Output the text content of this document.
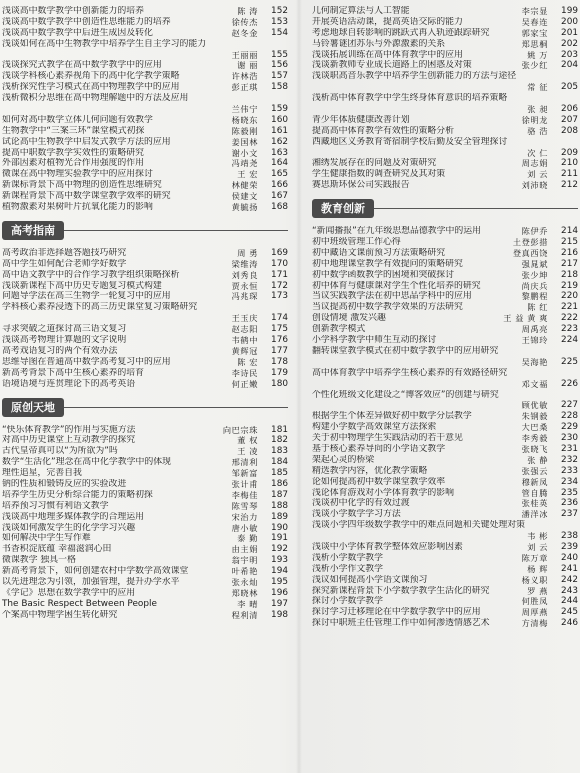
浅谈高中数学教学中创新能力的培养	陈 涛	152
浅谈高中数学教学中创造性思维能力的培养	徐传杰	153
浅谈高中数学教学中后进生成因及转化	赵冬金	154
浅谈如何在高中生物教学中培养学生自主学习的能力
王丽丽	155
浅谈探究式教学在高中数学教学中的应用	谢 丽	156
浅谈学科核心素养视角下的高中化学教学策略	许林浩	157
浅析探究性学习模式在高中物理教学中的应用	彭正琪	158
浅析微积分思维在高中物理解题中的方法及应用
兰伟宁	159
如何对高中数学立体几何问题有效教学	杨晓东	160
生物教学中“三案三环”课堂模式初探	陈毅刚	161
试论高中生物教学中启发式教学方法的应用	姜国林	162
提高中职数学教学实效性的策略研究	谢小文	163
外部因素对植物光合作用强度的作用	冯靖尧	164
微课在高中物理实验教学中的应用探讨	王 宏	165
新课标背景下高中物理的创造性思维研究	林健荣	166
新课程背景下高中数学课堂教学效率的研究	侯建文	167
植物激素对果树叶片抗氧化能力的影响	黄毓扬	168
高考指南
高考政治非选择题答题技巧研究	周 勇	169
高中学生如何配合老师学好数学	梁维涛	170
高中语文教学中的合作学习教学组织策略探析	刘秀良	171
浅谈新课程下高中历史专题复习模式构建	贾永恒	172
问题导学法在高三生物学一轮复习中的应用	冯兆琛	173
学科核心素养浸透下的高三历史课堂复习策略研究
王玉庆	174
寻求突破之道探讨高三语文复习	赵志阳	175
浅谈高考物理计算题的文字说明	韦鹤中	176
高考戏语复习的两个有效办法	黄辉冠	177
思维导图在普通高中数学高考复习中的应用	陈 宏	178
新高考背景下高中生核心素养的培育	李诗民	179
语境语境与连贯理论下的高考英语	何正嫩	180
原创天地
“快乐体育教学”的作用与实施方法	向巴宗珠	181
对高中历史课堂上互动教学的探究	董 权	182
古代皇帝真可以“为所欲为”吗	王 凌	183
数学“生活化”理念在高中化学教学中的体现	邢清利	184
理性追星，完善自我	邹新富	185
钠的性质和锻铸反应的实验改进	张计甫	186
培养学生历史分析综合能力的策略初探	李梅佳	187
培养预习习惯有利语文教学	陈雪琴	188
浅谈高中地理多媒体教学的合理运用	宋治力	189
浅谈如何激发学生的化学学习兴趣	唐小敏	190
如何解决中学生写作难	泰 勤	191
书香积淀底蕴 幸福滋润心田	由主娟	192
微课教学 独具一格	翁宇明	193
新高考背景下，如何创建农村中学数学高效课堂	叶希艳	194
以先进理念为引领，加强管理，提升办学水平	张永灿	195
《学记》思想在数学教学中的应用	郑晓林	196
The Basic Respect Between People	李 晴	197
个案高中物理学困生转化研究	程利清	198
几何制定算法与人工智能	李宗显	199
开展英语活动课，提高英语交际的能力	吴春连	200
考虑地球自转影响的跳跃式再入轨迹跟踪研究	郭家宝	201
马铃薯谜团苏乐与外源激素的关系	郑思桐	202
浅谈拓展训练在高中体育教学中的应用	姚 万	203
浅谈新教师专业成长道路上的困惑及对策	张少红	204
浅谈职高音乐教学中培养学生创新能力的方法与途径
常 征	205
浅析高中体育教学中学生终身体育意识的培养策略
张 昶	206
青少年体质健康改善计划	徐明龙	207
提高高中体育教学有效性的策略分析	骆 浩	208
西藏地区义务教育寄宿制学校后勤及安全管理探讨
次 仁	209
湘绣发展存在的问题及对策研究	周志娟	210
学生健康指数的调查研究及其对策	刘 云	211
赛思斯环保公司实践报告	刘沛晓	212
教育创新
“新闻播报”在九年级思想品德教学中的运用	陈伊乔	214
初中班级管理工作心得	土登彭措	215
初中藏语文课前预习方法策略研究	登真西饶	216
初中地理课堂教学有效提问的策略研究	强晁斌	217
初中数学函数教学的困境和突破探讨	张少坤	218
初中体育与健康课对学生个性化培养的研究	尚庆兵	219
当议实践教学法在初中思品学科中的应用	黎鹏程	220
当议提高初中数学教学效果的方法研究	陈 红	221
创设情境 激发兴趣	王 益 黄 爽	222
创新教学模式	周禹亮	223
小学科学教学中师生互动的探讨	王锦玲	224
翻转课堂教学模式在初中数学教学中的应用研究
吴海艳	225
高中体育教学中培养学生核心素养的有效路径研究
邓文福	226
个性化班级文化建设之“博客效应”的创建与研究
顾优敏	227
根据学生个体差异做好初中数学分层教学	朱钢毅	228
构建小学数学高效课堂方法探索	大巴桑	229
关于初中物理学生实践活动的若干意见	李秀毅	230
基于核心素养导向的小学语文教学	张晓飞	231
架起心灵的桥梁	张 静	232
精选教学内容，优化教学策略	张强云	233
论如何提高初中数学课堂教学效率	穆新凤	234
浅论体育游戏对小学体育教学的影响	管自腾	235
浅谈初中化学的有效过渡	张桂英	236
浅谈小学数学学习方法	潘洋冰	237
浅谈小学四年级数学教学中的难点问题和关键处理对策
韦 彬	238
浅谈中小学体育教学整体效应影响因素	刘 云	239
浅析小学数学教学	陈万章	240
浅析小学作文教学	杨 辉	241
浅议如何提高小学语文课预习	杨义职	242
探究新课程背景下小学数学教学生活化的研究	罗 燕	243
探讨小学数学教学	何胜凤	244
探讨学习迁移理论在中学数学教学中的应用	周厚燕	245
探讨中职班主任管理工作中如何渗透情感艺术	方清梅	246
